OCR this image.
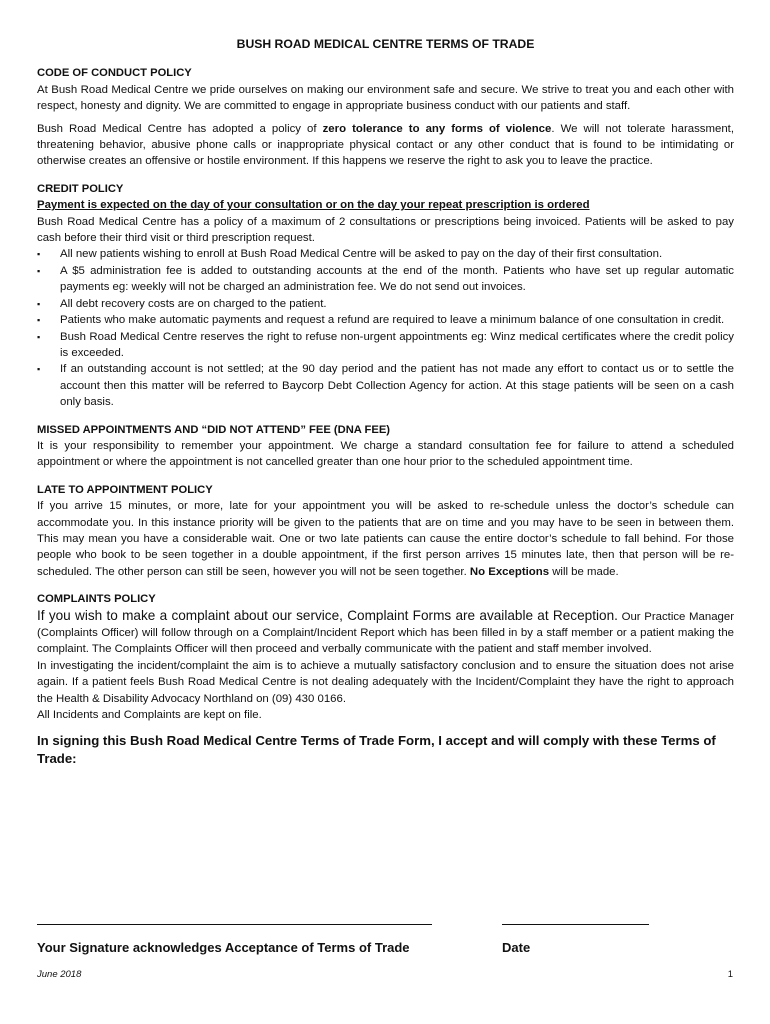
BUSH ROAD MEDICAL CENTRE TERMS OF TRADE
CODE OF CONDUCT POLICY

At Bush Road Medical Centre we pride ourselves on making our environment safe and secure. We strive to treat you and each other with respect, honesty and dignity. We are committed to engage in appropriate business conduct with our patients and staff.

Bush Road Medical Centre has adopted a policy of zero tolerance to any forms of violence. We will not tolerate harassment, threatening behavior, abusive phone calls or inappropriate physical contact or any other conduct that is found to be intimidating or otherwise creates an offensive or hostile environment. If this happens we reserve the right to ask you to leave the practice.

CREDIT POLICY
Payment is expected on the day of your consultation or on the day your repeat prescription is ordered

Bush Road Medical Centre has a policy of a maximum of 2 consultations or prescriptions being invoiced. Patients will be asked to pay cash before their third visit or third prescription request.

▪ All new patients wishing to enroll at Bush Road Medical Centre will be asked to pay on the day of their first consultation.
▪ A $5 administration fee is added to outstanding accounts at the end of the month. Patients who have set up regular automatic payments eg: weekly will not be charged an administration fee. We do not send out invoices.
▪ All debt recovery costs are on charged to the patient.
▪ Patients who make automatic payments and request a refund are required to leave a minimum balance of one consultation in credit.
▪ Bush Road Medical Centre reserves the right to refuse non-urgent appointments eg: Winz medical certificates where the credit policy is exceeded.
▪ If an outstanding account is not settled; at the 90 day period and the patient has not made any effort to contact us or to settle the account then this matter will be referred to Baycorp Debt Collection Agency for action. At this stage patients will be seen on a cash only basis.
MISSED APPOINTMENTS AND “DID NOT ATTEND” FEE (DNA FEE)

It is your responsibility to remember your appointment. We charge a standard consultation fee for failure to attend a scheduled appointment or where the appointment is not cancelled greater than one hour prior to the scheduled appointment time.

LATE TO APPOINTMENT POLICY

If you arrive 15 minutes, or more, late for your appointment you will be asked to re-schedule unless the doctor’s schedule can accommodate you. In this instance priority will be given to the patients that are on time and you may have to be seen in between them. This may mean you have a considerable wait. One or two late patients can cause the entire doctor’s schedule to fall behind. For those people who book to be seen together in a double appointment, if the first person arrives 15 minutes late, then that person will be re-scheduled. The other person can still be seen, however you will not be seen together. No Exceptions will be made.

COMPLAINTS POLICY

If you wish to make a complaint about our service, Complaint Forms are available at Reception. Our Practice Manager (Complaints Officer) will follow through on a Complaint/Incident Report which has been filled in by a staff member or a patient making the complaint. The Complaints Officer will then proceed and verbally communicate with the patient and staff member involved.

In investigating the incident/complaint the aim is to achieve a mutually satisfactory conclusion and to ensure the situation does not arise again. If a patient feels Bush Road Medical Centre is not dealing adequately with the Incident/Complaint they have the right to approach the Health & Disability Advocacy Northland on (09) 430 0166.

All Incidents and Complaints are kept on file.

In signing this Bush Road Medical Centre Terms of Trade Form, I accept and will comply with these Terms of Trade:
Your Signature acknowledges Acceptance of Terms of Trade	Date
June 2018	1
